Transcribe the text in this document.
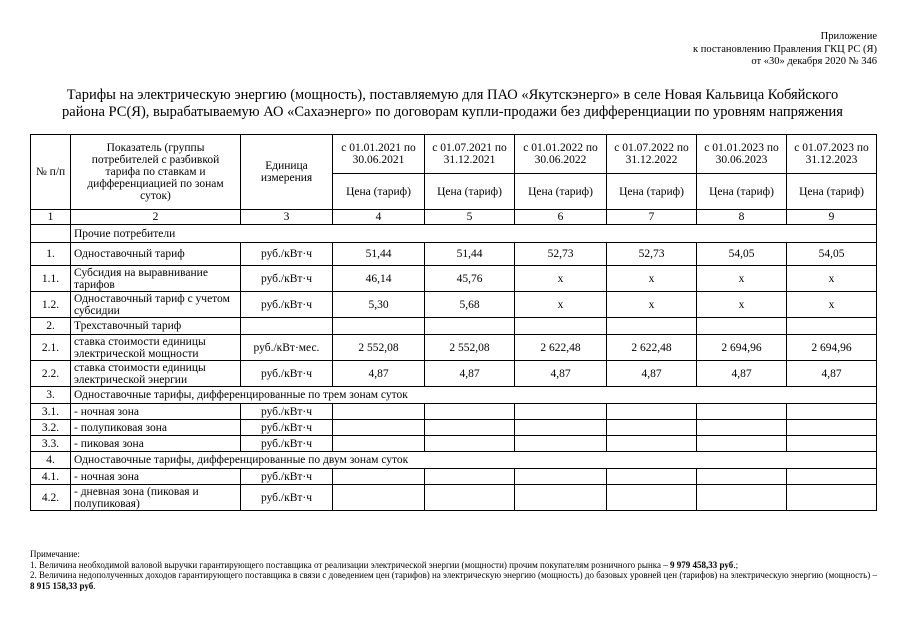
Приложение
к постановлению Правления ГКЦ РС (Я)
от «30» декабря 2020 № 346
Тарифы на электрическую энергию (мощность), поставляемую для ПАО «Якутскэнерго» в селе Новая Кальвица Кобяйского
района РС(Я), вырабатываемую АО «Сахаэнерго» по договорам купли-продажи без дифференциации по уровням напряжения
№ п/п	Показатель (группы потребителей с разбивкой тарифа по ставкам и дифференциацией по зонам суток)	Единица измерения	с 01.01.2021 по 30.06.2021	с 01.07.2021 по 31.12.2021	с 01.01.2022 по 30.06.2022	с 01.07.2022 по 31.12.2022	с 01.01.2023 по 30.06.2023	с 01.07.2023 по 31.12.2023
			Цена (тариф)	Цена (тариф)	Цена (тариф)	Цена (тариф)	Цена (тариф)	Цена (тариф)
1	2	3	4	5	6	7	8	9
	Прочие потребители							
1.	Одноставочный тариф	руб./кВт·ч	51,44	51,44	52,73	52,73	54,05	54,05
1.1.	Субсидия на выравнивание тарифов	руб./кВт·ч	46,14	45,76	x	x	x	x
1.2.	Одноставочный тариф с учетом субсидии	руб./кВт·ч	5,30	5,68	x	x	x	x
2.	Трехставочный тариф							
2.1.	ставка стоимости единицы электрической мощности	руб./кВт·мес.	2 552,08	2 552,08	2 622,48	2 622,48	2 694,96	2 694,96
2.2.	ставка стоимости единицы электрической энергии	руб./кВт·ч	4,87	4,87	4,87	4,87	4,87	4,87
3.	Одноставочные тарифы, дифференцированные по трем зонам суток							
3.1.	- ночная зона	руб./кВт·ч						
3.2.	- полупиковая зона	руб./кВт·ч						
3.3.	- пиковая зона	руб./кВт·ч						
4.	Одноставочные тарифы, дифференцированные по двум зонам суток							
4.1.	- ночная зона	руб./кВт·ч						
4.2.	- дневная зона (пиковая и полупиковая)	руб./кВт·ч						

Примечание:

1. Величина необходимой валовой выручки гарантирующего поставщика от реализации электрической энергии (мощности) прочим покупателям розничного рынка – 9 979 458,33 руб.;

2. Величина недополученных доходов гарантирующего поставщика в связи с доведением цен (тарифов) на электрическую энергию (мощность) до базовых уровней цен (тарифов) на электрическую энергию (мощность) – 8 915 158,33 руб.
